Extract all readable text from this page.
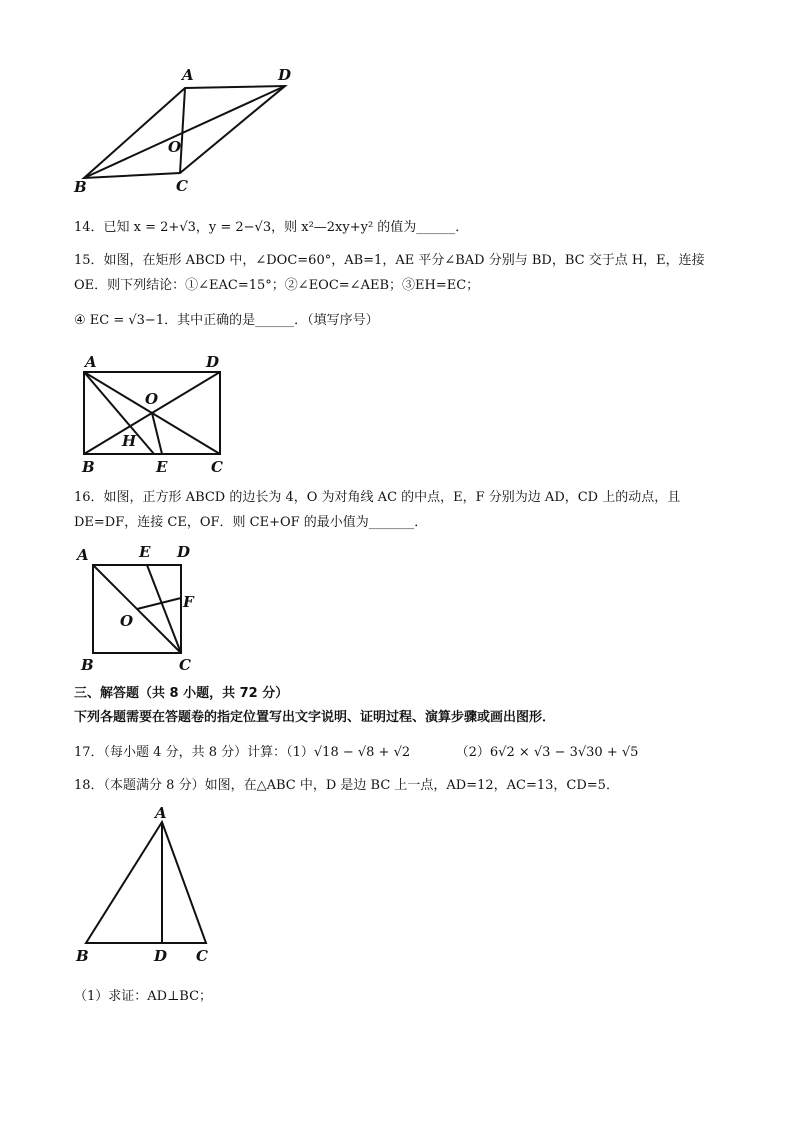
A	D
O
B	C
14．已知 x = 2+√3，y = 2−√3，则 x²—2xy+y² 的值为______．
15．如图，在矩形 ABCD 中，∠DOC=60°，AB=1，AE 平分∠BAD 分别与 BD，BC 交于点 H，E，连接
OE．则下列结论：①∠EAC=15°；②∠EOC=∠AEB；③EH=EC；
④ EC = √3−1．其中正确的是______．（填写序号）
A	D
O
H
B	E	C
16．如图，正方形 ABCD 的边长为 4，O 为对角线 AC 的中点，E，F 分别为边 AD，CD 上的动点，且
DE=DF，连接 CE，OF．则 CE+OF 的最小值为_______．
A	E D
F
O
B	C
三、解答题（共 8 小题，共 72 分）
下列各题需要在答题卷的指定位置写出文字说明、证明过程、演算步骤或画出图形．
17．（每小题 4 分，共 8 分）计算：（1）√18 − √8 + √2　　　　（2）6√2 × √3 − 3√30 + √5
18．（本题满分 8 分）如图，在△ABC 中，D 是边 BC 上一点，AD=12，AC=13，CD=5．
A
B	D C
（1）求证：AD⊥BC；
